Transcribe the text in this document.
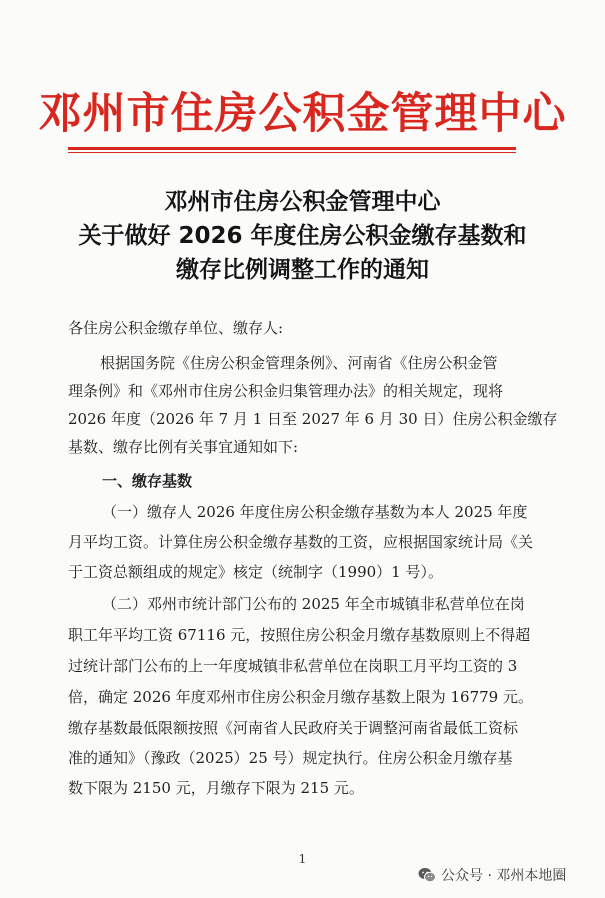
邓州市住房公积金管理中心
邓州市住房公积金管理中心
关于做好 2026 年度住房公积金缴存基数和
缴存比例调整工作的通知
各住房公积金缴存单位、缴存人:
根据国务院《住房公积金管理条例》、河南省《住房公积金管
理条例》和《邓州市住房公积金归集管理办法》的相关规定，现将
2026 年度（2026 年 7 月 1 日至 2027 年 6 月 30 日）住房公积金缴存
基数、缴存比例有关事宜通知如下:
一、缴存基数
（一）缴存人 2026 年度住房公积金缴存基数为本人 2025 年度
月平均工资。计算住房公积金缴存基数的工资，应根据国家统计局《关
于工资总额组成的规定》核定（统制字（1990）1 号）。
（二）邓州市统计部门公布的 2025 年全市城镇非私营单位在岗
职工年平均工资 67116 元，按照住房公积金月缴存基数原则上不得超
过统计部门公布的上一年度城镇非私营单位在岗职工月平均工资的 3
倍，确定 2026 年度邓州市住房公积金月缴存基数上限为 16779 元。
缴存基数最低限额按照《河南省人民政府关于调整河南省最低工资标
准的通知》（豫政（2025）25 号）规定执行。住房公积金月缴存基
数下限为 2150 元，月缴存下限为 215 元。
1
公众号 · 邓州本地圈
